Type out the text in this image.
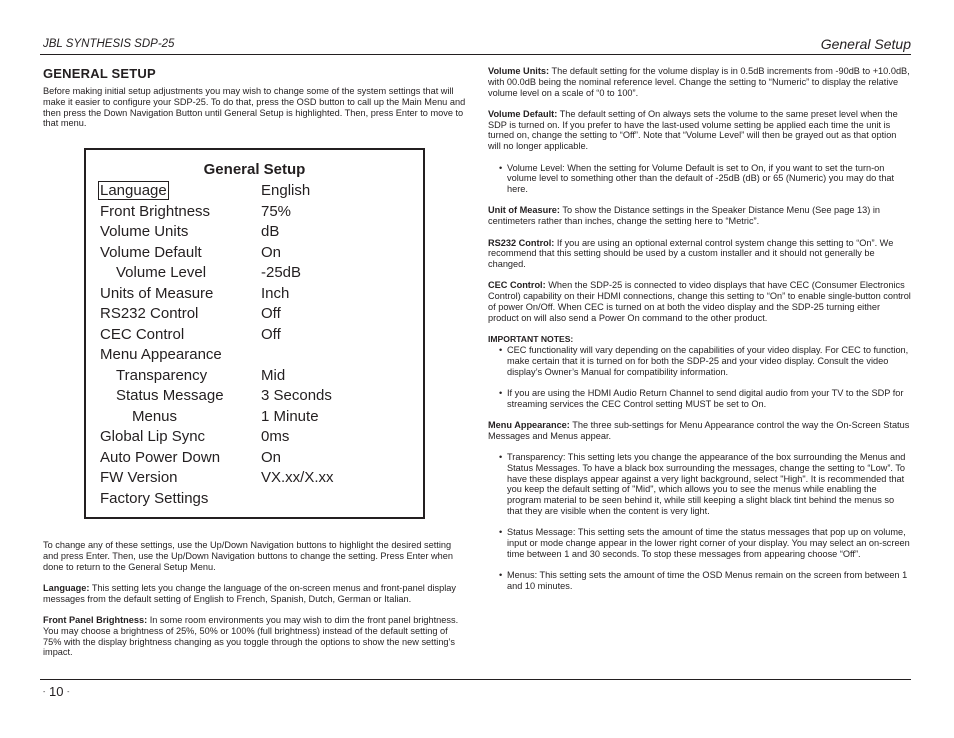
JBL SYNTHESIS SDP-25	General Setup
GENERAL SETUP

Before making initial setup adjustments you may wish to change some of the system settings that will make it easier to configure your SDP-25. To do that, press the OSD button to call up the Main Menu and then press the Down Navigation Button until General Setup is highlighted. Then, press Enter to move to that menu.

General Setup
Language	English
Front Brightness	75%
Volume Units	dB
Volume Default	On
Volume Level	-25dB
Units of Measure	Inch
RS232 Control	Off
CEC Control	Off
Menu Appearance
Transparency	Mid
Status Message 3 Seconds
Menus	1 Minute
Global Lip Sync	0ms
Auto Power Down	On
FW Version	VX.xx/X.xx
Factory Settings

To change any of these settings, use the Up/Down Navigation buttons to highlight the desired setting and press Enter. Then, use the Up/Down Navigation buttons to change the setting. Press Enter when done to return to the General Setup Menu.

Language: This setting lets you change the language of the on-screen menus and front-panel display messages from the default setting of English to French, Spanish, Dutch, German or Italian.

Front Panel Brightness: In some room environments you may wish to dim the front panel brightness. You may choose a brightness of 25%, 50% or 100% (full brightness) instead of the default setting of 75% with the display brightness changing as you toggle through the options to show the new setting’s impact.

Volume Units: The default setting for the volume display is in 0.5dB increments from -90dB to +10.0dB, with 00.0dB being the nominal reference level. Change the setting to “Numeric” to display the relative volume level on a scale of “0 to 100”.

Volume Default: The default setting of On always sets the volume to the same preset level when the SDP is turned on. If you prefer to have the last-used volume setting be applied each time the unit is turned on, change the setting to “Off”. Note that “Volume Level” will then be grayed out as that option will no longer applicable.

• Volume Level: When the setting for Volume Default is set to On, if you want to set the turn-on volume level to something other than the default of -25dB (dB) or 65 (Numeric) you may do that here.

Unit of Measure: To show the Distance settings in the Speaker Distance Menu (See page 13) in centimeters rather than inches, change the setting here to “Metric”.

RS232 Control: If you are using an optional external control system change this setting to “On”. We recommend that this setting should be used by a custom installer and it should not generally be changed.

CEC Control: When the SDP-25 is connected to video displays that have CEC (Consumer Electronics Control) capability on their HDMI connections, change this setting to “On” to enable single-button control of power On/Off. When CEC is turned on at both the video display and the SDP-25 turning either product on will also send a Power On command to the other product.

IMPORTANT NOTES:

• CEC functionality will vary depending on the capabilities of your video display. For CEC to function, make certain that it is turned on for both the SDP-25 and your video display. Consult the video display’s Owner’s Manual for compatibility information.

• If you are using the HDMI Audio Return Channel to send digital audio from your TV to the SDP for streaming services the CEC Control setting MUST be set to On.

Menu Appearance: The three sub-settings for Menu Appearance control the way the On-Screen Status Messages and Menus appear.

• Transparency: This setting lets you change the appearance of the box surrounding the Menus and Status Messages. To have a black box surrounding the messages, change the setting to “Low”. To have these displays appear against a very light background, select "High". It is recommended that you keep the default setting of "Mid", which allows you to see the menus while enabling the program material to be seen behind it, while still keeping a slight black tint behind the menus so that they are visible when the content is very light.

• Status Message: This setting sets the amount of time the status messages that pop up on volume, input or mode change appear in the lower right corner of your display. You may select an on-screen time between 1 and 30 seconds. To stop these messages from appearing choose “Off”.

• Menus: This setting sets the amount of time the OSD Menus remain on the screen from between 1 and 10 minutes.

- 10 -
